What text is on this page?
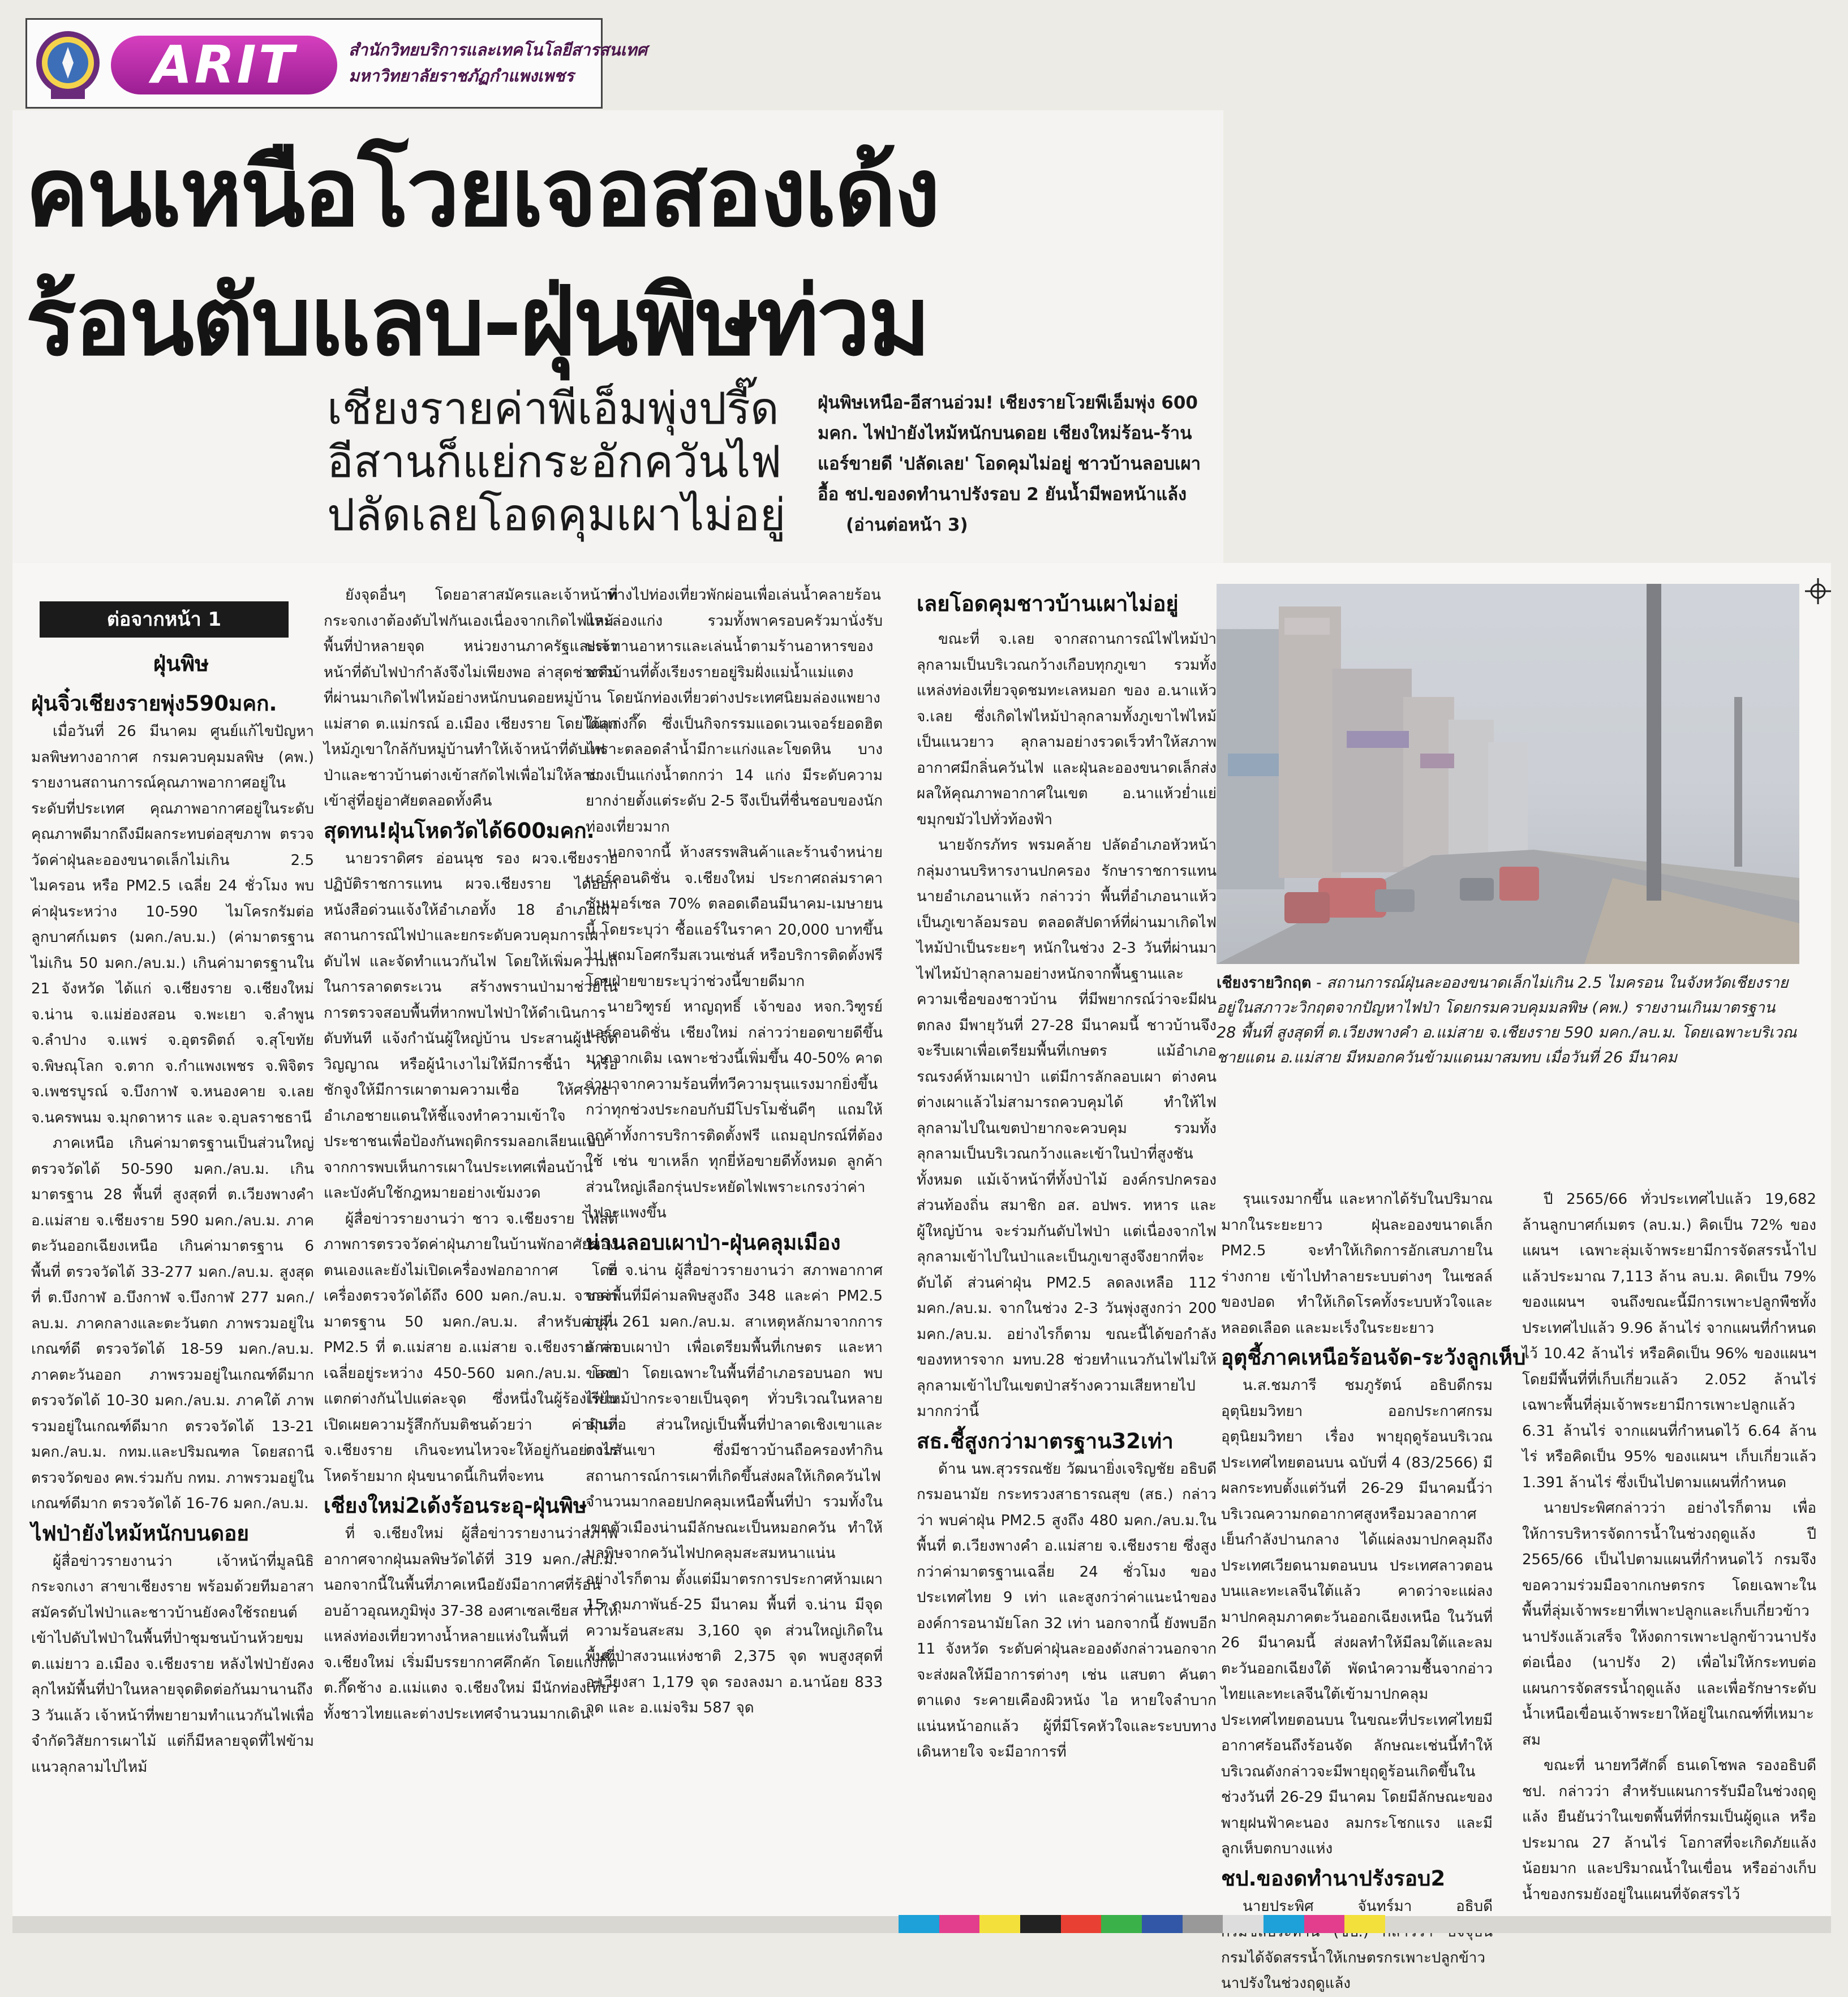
ARIT	สำนักวิทยบริการและเทคโนโลยีสารสนเทศ
มหาวิทยาลัยราชภัฏกำแพงเพชร
คนเหนือโวยเจอสองเด้ง
ร้อนตับแลบ-ฝุ่นพิษท่วม
เชียงรายค่าพีเอ็มพุ่งปรี๊ด
อีสานก็แย่กระอักควันไฟ
ปลัดเลยโอดคุมเผาไม่อยู่
ฝุ่นพิษเหนือ-อีสานอ่วม! เชียงรายโวยพีเอ็มพุ่ง 600 มคก. ไฟป่ายังไหม้หนักบนดอย เชียงใหม่ร้อน-ร้านแอร์ขายดี 'ปลัดเลย' โอดคุมไม่อยู่ ชาวบ้านลอบเผาอื้อ ชป.ของดทำนาปรังรอบ 2 ยันน้ำมีพอหน้าแล้ง (อ่านต่อหน้า 3)
ต่อจากหน้า 1
ฝุ่นพิษ
ฝุ่นจิ๋วเชียงรายพุ่ง590มคก.

เมื่อวันที่ 26 มีนาคม ศูนย์แก้ไขปัญหามลพิษทางอากาศ กรมควบคุมมลพิษ (คพ.) รายงานสถานการณ์คุณภาพอากาศอยู่ในระดับที่ประเทศ คุณภาพอากาศอยู่ในระดับคุณภาพดีมากถึงมีผลกระทบต่อสุขภาพ ตรวจวัดค่าฝุ่นละอองขนาดเล็กไม่เกิน 2.5 ไมครอน หรือ PM2.5 เฉลี่ย 24 ชั่วโมง พบค่าฝุ่นระหว่าง 10-590 ไมโครกรัมต่อลูกบาศก์เมตร (มคก./ลบ.ม.) (ค่ามาตรฐานไม่เกิน 50 มคก./ลบ.ม.) เกินค่ามาตรฐานใน 21 จังหวัด ได้แก่ จ.เชียงราย จ.เชียงใหม่ จ.น่าน จ.แม่ฮ่องสอน จ.พะเยา จ.ลำพูน จ.ลำปาง จ.แพร่ จ.อุตรดิตถ์ จ.สุโขทัย จ.พิษณุโลก จ.ตาก จ.กำแพงเพชร จ.พิจิตร จ.เพชรบูรณ์ จ.บึงกาฬ จ.หนองคาย จ.เลย จ.นครพนม จ.มุกดาหาร และ จ.อุบลราชธานี

ภาคเหนือ เกินค่ามาตรฐานเป็นส่วนใหญ่ ตรวจวัดได้ 50-590 มคก./ลบ.ม. เกินมาตรฐาน 28 พื้นที่ สูงสุดที่ ต.เวียงพางคำ อ.แม่สาย จ.เชียงราย 590 มคก./ลบ.ม. ภาคตะวันออกเฉียงเหนือ เกินค่ามาตรฐาน 6 พื้นที่ ตรวจวัดได้ 33-277 มคก./ลบ.ม. สูงสุดที่ ต.บึงกาฬ อ.บึงกาฬ จ.บึงกาฬ 277 มคก./ลบ.ม. ภาคกลางและตะวันตก ภาพรวมอยู่ในเกณฑ์ดี ตรวจวัดได้ 18-59 มคก./ลบ.ม. ภาคตะวันออก ภาพรวมอยู่ในเกณฑ์ดีมาก ตรวจวัดได้ 10-30 มคก./ลบ.ม. ภาคใต้ ภาพรวมอยู่ในเกณฑ์ดีมาก ตรวจวัดได้ 13-21 มคก./ลบ.ม. กทม.และปริมณฑล โดยสถานีตรวจวัดของ คพ.ร่วมกับ กทม. ภาพรวมอยู่ในเกณฑ์ดีมาก ตรวจวัดได้ 16-76 มคก./ลบ.ม.

ไฟป่ายังไหม้หนักบนดอย

ผู้สื่อข่าวรายงานว่า เจ้าหน้าที่มูลนิธิกระจกเงา สาขาเชียงราย พร้อมด้วยทีมอาสาสมัครดับไฟป่าและชาวบ้านยังคงใช้รถยนต์เข้าไปดับไฟป่าในพื้นที่ป่าชุมชนบ้านห้วยขม ต.แม่ยาว อ.เมือง จ.เชียงราย หลังไฟป่ายังคงลุกไหม้พื้นที่ป่าในหลายจุดติดต่อกันมานานถึง 3 วันแล้ว เจ้าหน้าที่พยายามทำแนวกันไฟเพื่อจำกัดวิสัยการเผาไม้ แต่ก็มีหลายจุดที่ไฟข้ามแนวลุกลามไปไหม้

ยังจุดอื่นๆ โดยอาสาสมัครและเจ้าหน้าที่กระจกเงาต้องดับไฟกันเองเนื่องจากเกิดไฟไหม้พื้นที่ป่าหลายจุด หน่วยงานภาครัฐและเจ้าหน้าที่ดับไฟป่ากำลังจึงไม่เพียงพอ ล่าสุดช่วงคืนที่ผ่านมาเกิดไฟไหม้อย่างหนักบนดอยหมู่บ้านแม่สาด ต.แม่กรณ์ อ.เมือง เชียงราย โดยได้ลุกไหม้ภูเขาใกล้กับหมู่บ้านทำให้เจ้าหน้าที่ดับไฟป่าและชาวบ้านต่างเข้าสกัดไฟเพื่อไม่ให้ลามเข้าสู่ที่อยู่อาศัยตลอดทั้งคืน

สุดทน!ฝุ่นโหดวัดได้600มคก.

นายวราดิศร อ่อนนุช รอง ผวจ.เชียงราย ปฏิบัติราชการแทน ผวจ.เชียงราย ได้ออกหนังสือด่วนแจ้งให้อำเภอทั้ง 18 อำเภอเฝ้าสถานการณ์ไฟป่าและยกระดับควบคุมการเผา ดับไฟ และจัดทำแนวกันไฟ โดยให้เพิ่มความถี่ในการลาดตระเวน สร้างพรานป่ามาช่วยในการตรวจสอบพื้นที่หากพบไฟป่าให้ดำเนินการดับทันที แจ้งกำนันผู้ใหญ่บ้าน ประสานผู้นำจิตวิญญาณ หรือผู้นำเงาไม่ให้มีการชี้นำ หรือชักจูงให้มีการเผาตามความเชื่อ ให้ศรัทธาอำเภอชายแดนให้ชี้แจงทำความเข้าใจประชาชนเพื่อป้องกันพฤติกรรมลอกเลียนแบบจากการพบเห็นการเผาในประเทศเพื่อนบ้านและบังคับใช้กฎหมายอย่างเข้มงวด

ผู้สื่อข่าวรายงานว่า ชาว จ.เชียงราย โพสต์ภาพการตรวจวัดค่าฝุ่นภายในบ้านพักอาศัยของตนเองและยังไม่เปิดเครื่องฟอกอากาศ โดยเครื่องตรวจวัดได้ถึง 600 มคก./ลบ.ม. จากค่ามาตรฐาน 50 มคก./ลบ.ม. สำหรับค่าฝุ่น PM2.5 ที่ ต.แม่สาย อ.แม่สาย จ.เชียงราย ค่าเฉลี่ยอยู่ระหว่าง 450-560 มคก./ลบ.ม. โดยแตกต่างกันไปแต่ละจุด ซึ่งหนึ่งในผู้ร้องเรียนเปิดเผยความรู้สึกกับมติชนด้วยว่า ค่าฝุ่นที่ จ.เชียงราย เกินจะทนไหวจะให้อยู่กันอย่างไร โหดร้ายมาก ฝุ่นขนาดนี้เกินที่จะทน

เชียงใหม่2เด้งร้อนระอุ-ฝุ่นพิษ

ที่ จ.เชียงใหม่ ผู้สื่อข่าวรายงานว่าสภาพอากาศจากฝุ่นมลพิษวัดได้ที่ 319 มคก./ลบ.ม. นอกจากนี้ในพื้นที่ภาคเหนือยังมีอากาศที่ร้อนอบอ้าวอุณหภูมิพุ่ง 37-38 องศาเซลเซียส ทำให้แหล่งท่องเที่ยวทางน้ำหลายแห่งในพื้นที่ จ.เชียงใหม่ เริ่มมีบรรยากาศคึกคัก โดยแก่งกึ๊ด ต.กึ๊ดช้าง อ.แม่แตง จ.เชียงใหม่ มีนักท่องเที่ยวทั้งชาวไทยและต่างประเทศจำนวนมากเดิน

ทางไปท่องเที่ยวพักผ่อนเพื่อเล่นน้ำคลายร้อนและล่องแก่ง รวมทั้งพาครอบครัวมานั่งรับประทานอาหารและเล่นน้ำตามร้านอาหารของชาวบ้านที่ตั้งเรียงรายอยู่ริมฝั่งแม่น้ำแม่แตง

โดยนักท่องเที่ยวต่างประเทศนิยมล่องแพยางในแก่งกึ๊ด ซึ่งเป็นกิจกรรมแอดเวนเจอร์ยอดฮิต เพราะตลอดลำน้ำมีกาะแก่งและโขดหิน บางช่วงเป็นแก่งน้ำตกกว่า 14 แก่ง มีระดับความยากง่ายตั้งแต่ระดับ 2-5 จึงเป็นที่ชื่นชอบของนักท่องเที่ยวมาก

นอกจากนี้ ห้างสรรพสินค้าและร้านจำหน่ายแอร์คอนดิชั่น จ.เชียงใหม่ ประกาศถล่มราคาซัมเมอร์เซล 70% ตลอดเดือนมีนาคม-เมษายนนี้ โดยระบุว่า ซื้อแอร์ในราคา 20,000 บาทขึ้นไป แถมโอศกรีมสเวนเซ่นส์ หรือบริการติดตั้งฟรี โดยฝ่ายขายระบุว่าช่วงนี้ขายดีมาก

นายวิฑูรย์ หาญฤทธิ์ เจ้าของ หจก.วิฑูรย์แอร์คอนดิชั่น เชียงใหม่ กล่าวว่ายอดขายดีขึ้นมากจากเดิม เฉพาะช่วงนี้เพิ่มขึ้น 40-50% คาดว่ามาจากความร้อนที่ทวีความรุนแรงมากยิ่งขึ้น กว่าทุกช่วงประกอบกับมีโปรโมชั่นดีๆ แถมให้ลูกค้าทั้งการบริการติดตั้งฟรี แถมอุปกรณ์ที่ต้องใช้ เช่น ขาเหล็ก ทุกยี่ห้อขายดีทั้งหมด ลูกค้าส่วนใหญ่เลือกรุ่นประหยัดไฟเพราะเกรงว่าค่าไฟจะแพงขึ้น

น่านลอบเผาป่า-ฝุ่นคลุมเมือง

ที่ จ.น่าน ผู้สื่อข่าวรายงานว่า สภาพอากาศของพื้นที่มีค่ามลพิษสูงถึง 348 และค่า PM2.5 อยู่ที่ 261 มคก./ลบ.ม. สาเหตุหลักมาจากการลักลอบเผาป่า เพื่อเตรียมพื้นที่เกษตร และหาของป่า โดยเฉพาะในพื้นที่อำเภอรอบนอก พบไฟไหม้ป่ากระจายเป็นจุดๆ ทั่วบริเวณในหลายอำเภอ ส่วนใหญ่เป็นพื้นที่ป่าลาดเชิงเขาและตามสันเขา ซึ่งมีชาวบ้านถือครองทำกิน สถานการณ์การเผาที่เกิดขึ้นส่งผลให้เกิดควันไฟจำนวนมากลอยปกคลุมเหนือพื้นที่ป่า รวมทั้งในเขตตัวเมืองน่านมีลักษณะเป็นหมอกควัน ทำให้มลพิษจากควันไฟปกคลุมสะสมหนาแน่น อย่างไรก็ตาม ตั้งแต่มีมาตรการประกาศห้ามเผา 15 กุมภาพันธ์-25 มีนาคม พื้นที่ จ.น่าน มีจุดความร้อนสะสม 3,160 จุด ส่วนใหญ่เกิดในพื้นที่ป่าสงวนแห่งชาติ 2,375 จุด พบสูงสุดที่ อ.เวียงสา 1,179 จุด รองลงมา อ.นาน้อย 833 จุด และ อ.แม่จริม 587 จุด

เลยโอดคุมชาวบ้านเผาไม่อยู่

ขณะที่ จ.เลย จากสถานการณ์ไฟไหม้ป่าลุกลามเป็นบริเวณกว้างเกือบทุกภูเขา รวมทั้งแหล่งท่องเที่ยวจุดชมทะเลหมอก ของ อ.นาแห้ว จ.เลย ซึ่งเกิดไฟไหม้ป่าลุกลามทั้งภูเขาไฟไหม้เป็นแนวยาว ลุกลามอย่างรวดเร็วทำให้สภาพอากาศมีกลิ่นควันไฟ และฝุ่นละอองขนาดเล็กส่งผลให้คุณภาพอากาศในเขต อ.นาแห้วย่ำแย่ ขมุกขมัวไปทั่วท้องฟ้า

นายจักรภัทร พรมคล้าย ปลัดอำเภอหัวหน้ากลุ่มงานบริหารงานปกครอง รักษาราชการแทนนายอำเภอนาแห้ว กล่าวว่า พื้นที่อำเภอนาแห้วเป็นภูเขาล้อมรอบ ตลอดสัปดาห์ที่ผ่านมาเกิดไฟไหม้ป่าเป็นระยะๆ หนักในช่วง 2-3 วันที่ผ่านมา ไฟไหม้ป่าลุกลามอย่างหนักจากพื้นฐานและความเชื่อของชาวบ้าน ที่มีพยากรณ์ว่าจะมีฝนตกลง มีพายุวันที่ 27-28 มีนาคมนี้ ชาวบ้านจึงจะรีบเผาเพื่อเตรียมพื้นที่เกษตร แม้อำเภอรณรงค์ห้ามเผาป่า แต่มีการลักลอบเผา ต่างคนต่างเผาแล้วไม่สามารถควบคุมได้ ทำให้ไฟลุกลามไปในเขตป่ายากจะควบคุม รวมทั้งลุกลามเป็นบริเวณกว้างและเข้าในป่าที่สูงชันทั้งหมด แม้เจ้าหน้าที่ทั้งป่าไม้ องค์กรปกครองส่วนท้องถิ่น สมาชิก อส. อปพร. ทหาร และผู้ใหญ่บ้าน จะร่วมกันดับไฟป่า แต่เนื่องจากไฟลุกลามเข้าไปในป่าและเป็นภูเขาสูงจึงยากที่จะดับได้ ส่วนค่าฝุ่น PM2.5 ลดลงเหลือ 112 มคก./ลบ.ม. จากในช่วง 2-3 วันพุ่งสูงกว่า 200 มคก./ลบ.ม. อย่างไรก็ตาม ขณะนี้ได้ขอกำลังของทหารจาก มทบ.28 ช่วยทำแนวกันไฟไม่ให้ลุกลามเข้าไปในเขตป่าสร้างความเสียหายไปมากกว่านี้

สธ.ชี้สูงกว่ามาตรฐาน32เท่า

ด้าน นพ.สุวรรณชัย วัฒนายิ่งเจริญชัย อธิบดีกรมอนามัย กระทรวงสาธารณสุข (สธ.) กล่าวว่า พบค่าฝุ่น PM2.5 สูงถึง 480 มคก./ลบ.ม.ในพื้นที่ ต.เวียงพางคำ อ.แม่สาย จ.เชียงราย ซึ่งสูงกว่าค่ามาตรฐานเฉลี่ย 24 ชั่วโมง ของประเทศไทย 9 เท่า และสูงกว่าค่าแนะนำขององค์การอนามัยโลก 32 เท่า นอกจากนี้ ยังพบอีก 11 จังหวัด ระดับค่าฝุ่นละอองดังกล่าวนอกจากจะส่งผลให้มีอาการต่างๆ เช่น แสบตา คันตา ตาแดง ระคายเคืองผิวหนัง ไอ หายใจลำบาก แน่นหน้าอกแล้ว ผู้ที่มีโรคหัวใจและระบบทางเดินหายใจ จะมีอาการที่

เชียงรายวิกฤต - สถานการณ์ฝุ่นละอองขนาดเล็กไม่เกิน 2.5 ไมครอน ในจังหวัดเชียงรายอยู่ในสภาวะวิกฤตจากปัญหาไฟป่า โดยกรมควบคุมมลพิษ (คพ.) รายงานเกินมาตรฐาน 28 พื้นที่ สูงสุดที่ ต.เวียงพางคำ อ.แม่สาย จ.เชียงราย 590 มคก./ลบ.ม. โดยเฉพาะบริเวณชายแดน อ.แม่สาย มีหมอกควันข้ามแดนมาสมทบ เมื่อวันที่ 26 มีนาคม

รุนแรงมากขึ้น และหากได้รับในปริมาณมากในระยะยาว ฝุ่นละอองขนาดเล็ก PM2.5 จะทำให้เกิดการอักเสบภายในร่างกาย เข้าไปทำลายระบบต่างๆ ในเซลล์ของปอด ทำให้เกิดโรคทั้งระบบหัวใจและหลอดเลือด และมะเร็งในระยะยาว

อุตุชี้ภาคเหนือร้อนจัด-ระวังลูกเห็บ

น.ส.ชมภารี ชมภูรัตน์ อธิบดีกรมอุตุนิยมวิทยา ออกประกาศกรมอุตุนิยมวิทยา เรื่อง พายุฤดูร้อนบริเวณประเทศไทยตอนบน ฉบับที่ 4 (83/2566) มีผลกระทบตั้งแต่วันที่ 26-29 มีนาคมนี้ว่า บริเวณความกดอากาศสูงหรือมวลอากาศเย็นกำลังปานกลาง ได้แผ่ลงมาปกคลุมถึงประเทศเวียดนามตอนบน ประเทศลาวตอนบนและทะเลจีนใต้แล้ว คาดว่าจะแผ่ลงมาปกคลุมภาคตะวันออกเฉียงเหนือ ในวันที่ 26 มีนาคมนี้ ส่งผลทำให้มีลมใต้และลมตะวันออกเฉียงใต้ พัดนำความชื้นจากอ่าวไทยและทะเลจีนใต้เข้ามาปกคลุมประเทศไทยตอนบน ในขณะที่ประเทศไทยมีอากาศร้อนถึงร้อนจัด ลักษณะเช่นนี้ทำให้บริเวณดังกล่าวจะมีพายุฤดูร้อนเกิดขึ้นในช่วงวันที่ 26-29 มีนาคม โดยมีลักษณะของพายุฝนฟ้าคะนอง ลมกระโชกแรง และมีลูกเห็บตกบางแห่ง

ชป.ของดทำนาปรังรอบ2

นายประพิศ จันทร์มา อธิบดี กรมได้จัดสรรน้ำให้เกษตรกรเพาะปลูกข้าวนาปรังในช่วงฤดูแล้ง

ปี 2565/66 ทั่วประเทศไปแล้ว 19,682 ล้านลูกบาศก์เมตร (ลบ.ม.) คิดเป็น 72% ของแผนฯ เฉพาะลุ่มเจ้าพระยามีการจัดสรรน้ำไปแล้วประมาณ 7,113 ล้าน ลบ.ม. คิดเป็น 79% ของแผนฯ จนถึงขณะนี้มีการเพาะปลูกพืชทั้งประเทศไปแล้ว 9.96 ล้านไร่ จากแผนที่กำหนดไว้ 10.42 ล้านไร่ หรือคิดเป็น 96% ของแผนฯ โดยมีพื้นที่ที่เก็บเกี่ยวแล้ว 2.052 ล้านไร่ เฉพาะพื้นที่ลุ่มเจ้าพระยามีการเพาะปลูกแล้ว 6.31 ล้านไร่ จากแผนที่กำหนดไว้ 6.64 ล้านไร่ หรือคิดเป็น 95% ของแผนฯ เก็บเกี่ยวแล้ว 1.391 ล้านไร่ ซึ่งเป็นไปตามแผนที่กำหนด

นายประพิศกล่าวว่า อย่างไรก็ตาม เพื่อให้การบริหารจัดการน้ำในช่วงฤดูแล้ง ปี 2565/66 เป็นไปตามแผนที่กำหนดไว้ กรมจึงขอความร่วมมือจากเกษตรกร โดยเฉพาะในพื้นที่ลุ่มเจ้าพระยาที่เพาะปลูกและเก็บเกี่ยวข้าวนาปรังแล้วเสร็จ ให้งดการเพาะปลูกข้าวนาปรังต่อเนื่อง (นาปรัง 2) เพื่อไม่ให้กระทบต่อแผนการจัดสรรน้ำฤดูแล้ง และเพื่อรักษาระดับน้ำเหนือเขื่อนเจ้าพระยาให้อยู่ในเกณฑ์ที่เหมาะสม

ขณะที่ นายทวีศักดิ์ ธนเดโชพล รองอธิบดี ชป. กล่าวว่า สำหรับแผนการรับมือในช่วงฤดูแล้ง ยืนยันว่าในเขตพื้นที่ที่กรมเป็นผู้ดูแล หรือประมาณ 27 ล้านไร่ โอกาสที่จะเกิดภัยแล้งน้อยมาก และปริมาณน้ำในเขื่อน หรืออ่างเก็บน้ำของกรมยังอยู่ในแผนที่จัดสรรไว้
